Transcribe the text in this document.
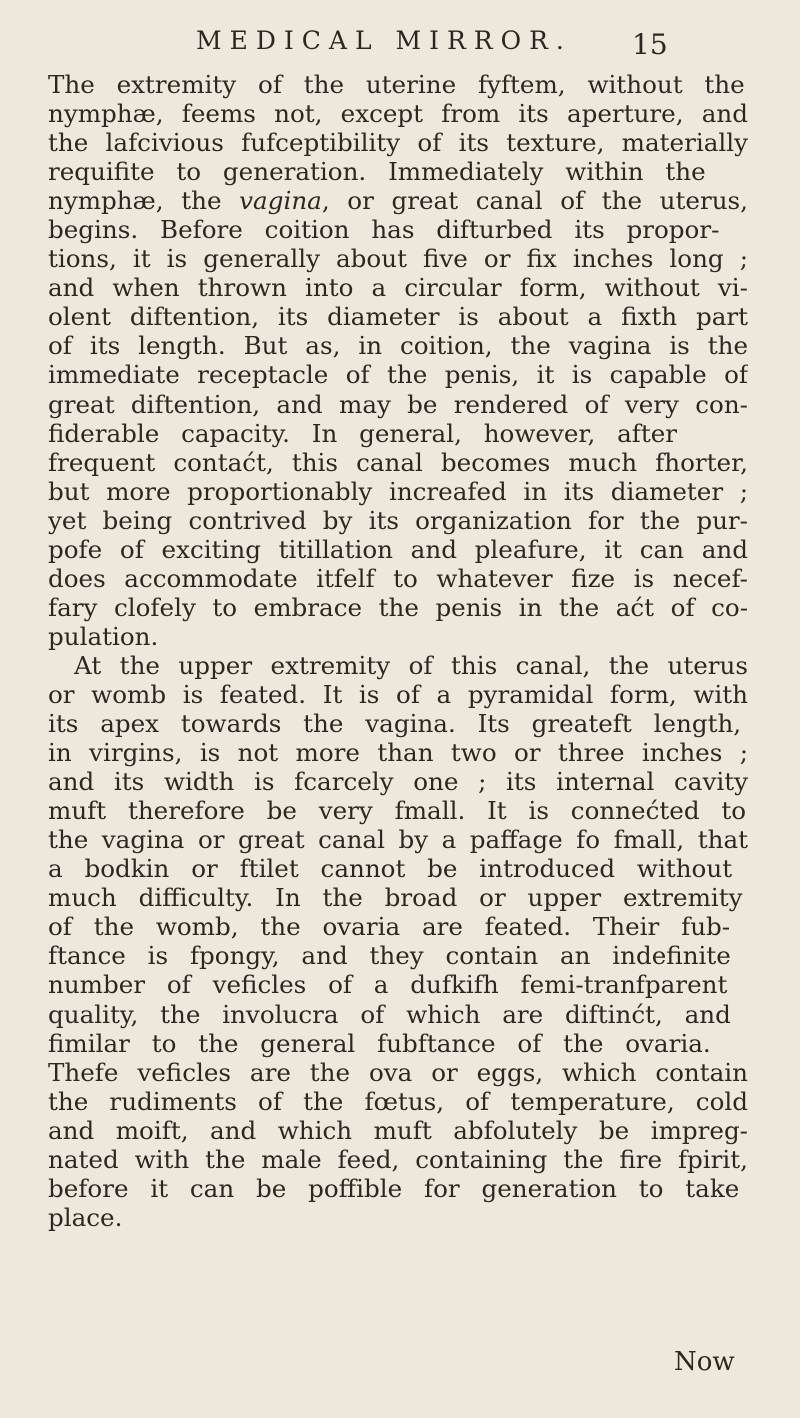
MEDICAL MIRROR. 15
The extremity of the uterine fyftem, without the
nymphæ, feems not, except from its aperture, and
the lafcivious fufceptibility of its texture, materially
requifite to generation. Immediately within the
nymphæ, the vagina, or great canal of the uterus,
begins. Before coition has difturbed its propor-
tions, it is generally about five or fix inches long ;
and when thrown into a circular form, without vi-
olent diftention, its diameter is about a fixth part
of its length. But as, in coition, the vagina is the
immediate receptacle of the penis, it is capable of
great diftention, and may be rendered of very con-
fiderable capacity. In general, however, after
frequent contaćt, this canal becomes much fhorter,
but more proportionably increafed in its diameter ;
yet being contrived by its organization for the pur-
pofe of exciting titillation and pleafure, it can and
does accommodate itfelf to whatever fize is necef-
fary clofely to embrace the penis in the aćt of co-
pulation.
At the upper extremity of this canal, the uterus
or womb is feated. It is of a pyramidal form, with
its apex towards the vagina. Its greateft length,
in virgins, is not more than two or three inches ;
and its width is fcarcely one ; its internal cavity
muft therefore be very fmall. It is connećted to
the vagina or great canal by a paffage fo fmall, that
a bodkin or ftilet cannot be introduced without
much difficulty. In the broad or upper extremity
of the womb, the ovaria are feated. Their fub-
ftance is fpongy, and they contain an indefinite
number of veficles of a dufkifh femi-tranfparent
quality, the involucra of which are diftinćt, and
fimilar to the general fubftance of the ovaria.
Thefe veficles are the ova or eggs, which contain
the rudiments of the fœtus, of temperature, cold
and moift, and which muft abfolutely be impreg-
nated with the male feed, containing the fire fpirit,
before it can be poffible for generation to take
place.
Now
